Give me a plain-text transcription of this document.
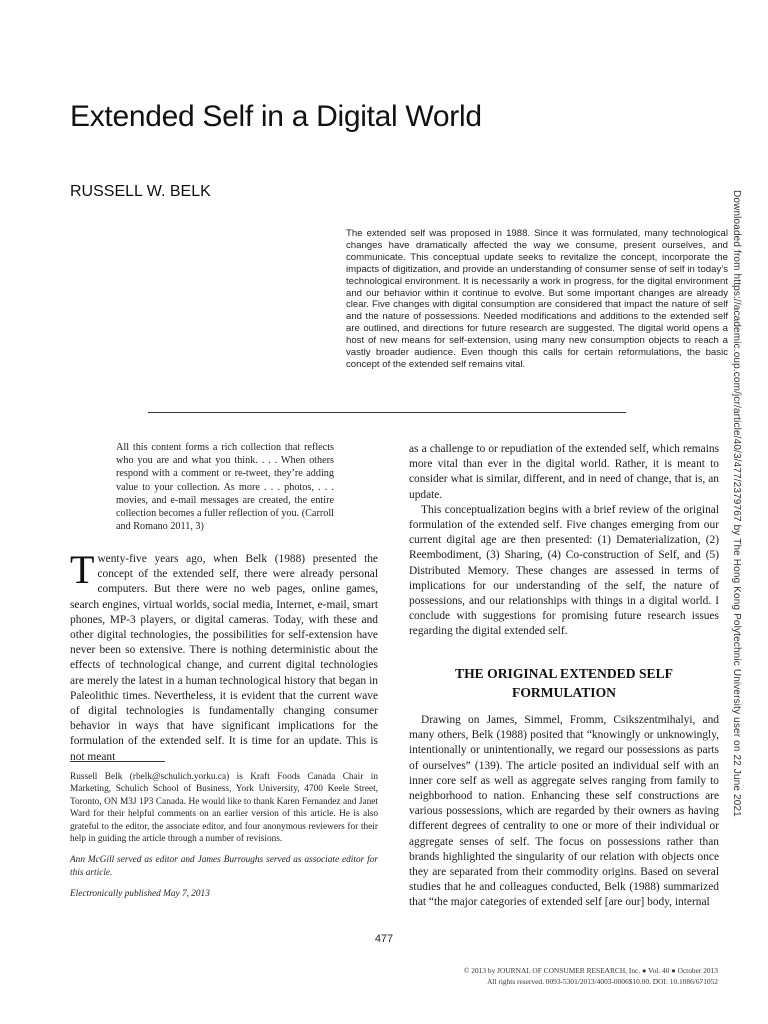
Extended Self in a Digital World
RUSSELL W. BELK

The extended self was proposed in 1988. Since it was formulated, many technological changes have dramatically affected the way we consume, present ourselves, and communicate. This conceptual update seeks to revitalize the concept, incorporate the impacts of digitization, and provide an understanding of consumer sense of self in today’s technological environment. It is necessarily a work in progress, for the digital environment and our behavior within it continue to evolve. But some important changes are already clear. Five changes with digital consumption are considered that impact the nature of self and the nature of possessions. Needed modifications and additions to the extended self are outlined, and directions for future research are suggested. The digital world opens a host of new means for self-extension, using many new consumption objects to reach a vastly broader audience. Even though this calls for certain reformulations, the basic concept of the extended self remains vital.

All this content forms a rich collection that reflects who you are and what you think. . . . When others respond with a comment or re-tweet, they’re adding value to your collection. As more . . . photos, . . . movies, and e-mail messages are created, the entire collection becomes a fuller reflection of you. (Carroll and Romano 2011, 3)

Twenty-five years ago, when Belk (1988) presented the concept of the extended self, there were already personal computers. But there were no web pages, online games, search engines, virtual worlds, social media, Internet, e-mail, smart phones, MP-3 players, or digital cameras. Today, with these and other digital technologies, the possibilities for self-extension have never been so extensive. There is nothing deterministic about the effects of technological change, and current digital technologies are merely the latest in a human technological history that began in Paleolithic times. Nevertheless, it is evident that the current wave of digital technologies is fundamentally changing consumer behavior in ways that have significant implications for the formulation of the extended self. It is time for an update. This is not meant

Russell Belk (rbelk@schulich.yorku.ca) is Kraft Foods Canada Chair in Marketing, Schulich School of Business, York University, 4700 Keele Street, Toronto, ON M3J 1P3 Canada. He would like to thank Karen Fernandez and Janet Ward for their helpful comments on an earlier version of this article. He is also grateful to the editor, the associate editor, and four anonymous reviewers for their help in guiding the article through a number of revisions.

Ann McGill served as editor and James Burroughs served as associate editor for this article.

Electronically published May 7, 2013

as a challenge to or repudiation of the extended self, which remains more vital than ever in the digital world. Rather, it is meant to consider what is similar, different, and in need of change, that is, an update.

This conceptualization begins with a brief review of the original formulation of the extended self. Five changes emerging from our current digital age are then presented: (1) Dematerialization, (2) Reembodiment, (3) Sharing, (4) Co-construction of Self, and (5) Distributed Memory. These changes are assessed in terms of implications for our understanding of the self, the nature of possessions, and our relationships with things in a digital world. I conclude with suggestions for promising future research issues regarding the digital extended self.

THE ORIGINAL EXTENDED SELF FORMULATION

Drawing on James, Simmel, Fromm, Csikszentmihalyi, and many others, Belk (1988) posited that “knowingly or unknowingly, intentionally or unintentionally, we regard our possessions as parts of ourselves” (139). The article posited an individual self with an inner core self as well as aggregate selves ranging from family to neighborhood to nation. Enhancing these self constructions are various possessions, which are regarded by their owners as having different degrees of centrality to one or more of their individual or aggregate senses of self. The focus on possessions rather than brands highlighted the singularity of our relation with objects once they are separated from their commodity origins. Based on several studies that he and colleagues conducted, Belk (1988) summarized that “the major categories of extended self [are our] body, internal

477
© 2013 by JOURNAL OF CONSUMER RESEARCH, Inc. ● Vol. 40 ● October 2013
All rights reserved. 0093-5301/2013/4003-0006$10.00. DOI: 10.1086/671052
Downloaded from https://academic.oup.com/jcr/article/40/3/477/2379767 by The Hong Kong Polytechnic University user on 22 June 2021
